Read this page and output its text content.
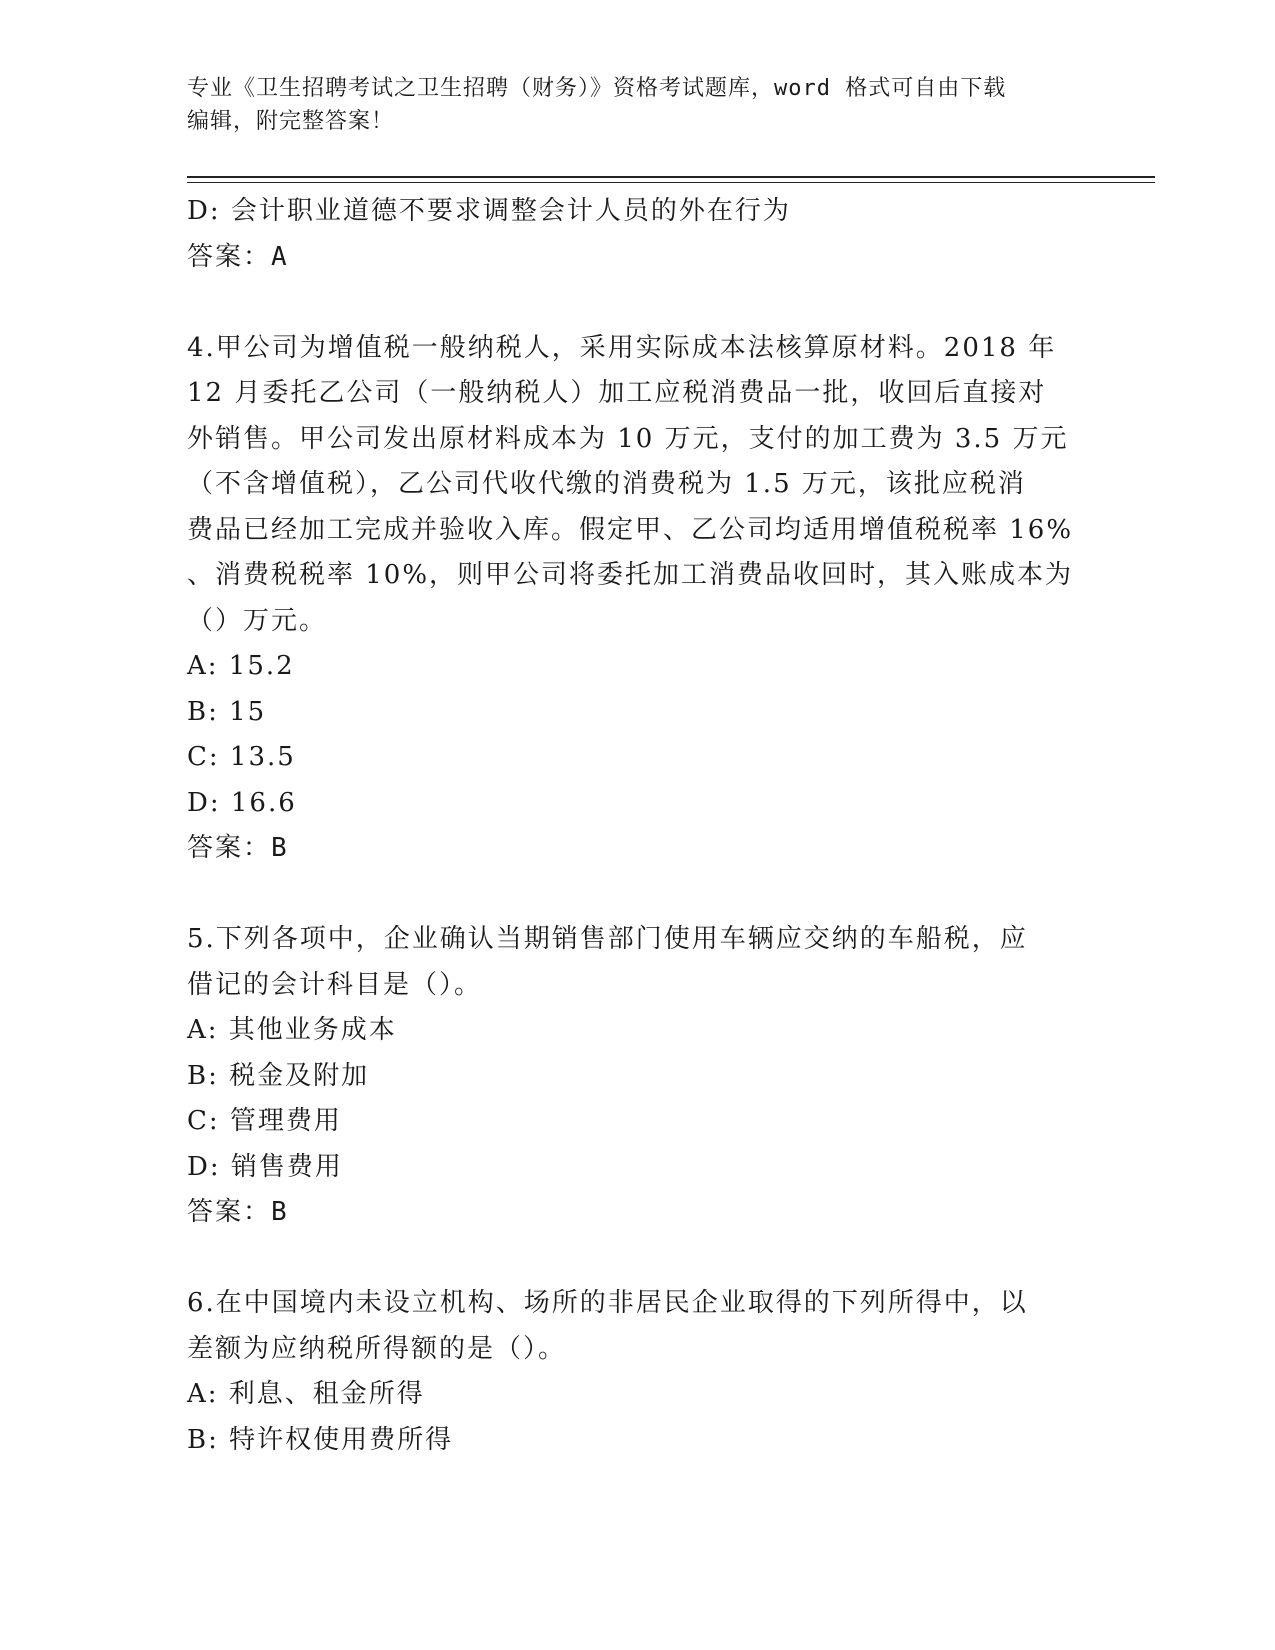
专业《卫生招聘考试之卫生招聘（财务）》资格考试题库，word 格式可自由下载
编辑，附完整答案！
D: 会计职业道德不要求调整会计人员的外在行为
答案：A
4.甲公司为增值税一般纳税人，采用实际成本法核算原材料。2018 年
12 月委托乙公司（一般纳税人）加工应税消费品一批，收回后直接对
外销售。甲公司发出原材料成本为 10 万元，支付的加工费为 3.5 万元
（不含增值税），乙公司代收代缴的消费税为 1.5 万元，该批应税消
费品已经加工完成并验收入库。假定甲、乙公司均适用增值税税率 16%
、消费税税率 10%，则甲公司将委托加工消费品收回时，其入账成本为
（）万元。
A: 15.2
B: 15
C: 13.5
D: 16.6
答案：B
5.下列各项中，企业确认当期销售部门使用车辆应交纳的车船税，应
借记的会计科目是（）。
A: 其他业务成本
B: 税金及附加
C: 管理费用
D: 销售费用
答案：B
6.在中国境内未设立机构、场所的非居民企业取得的下列所得中，以
差额为应纳税所得额的是（）。
A: 利息、租金所得
B: 特许权使用费所得
